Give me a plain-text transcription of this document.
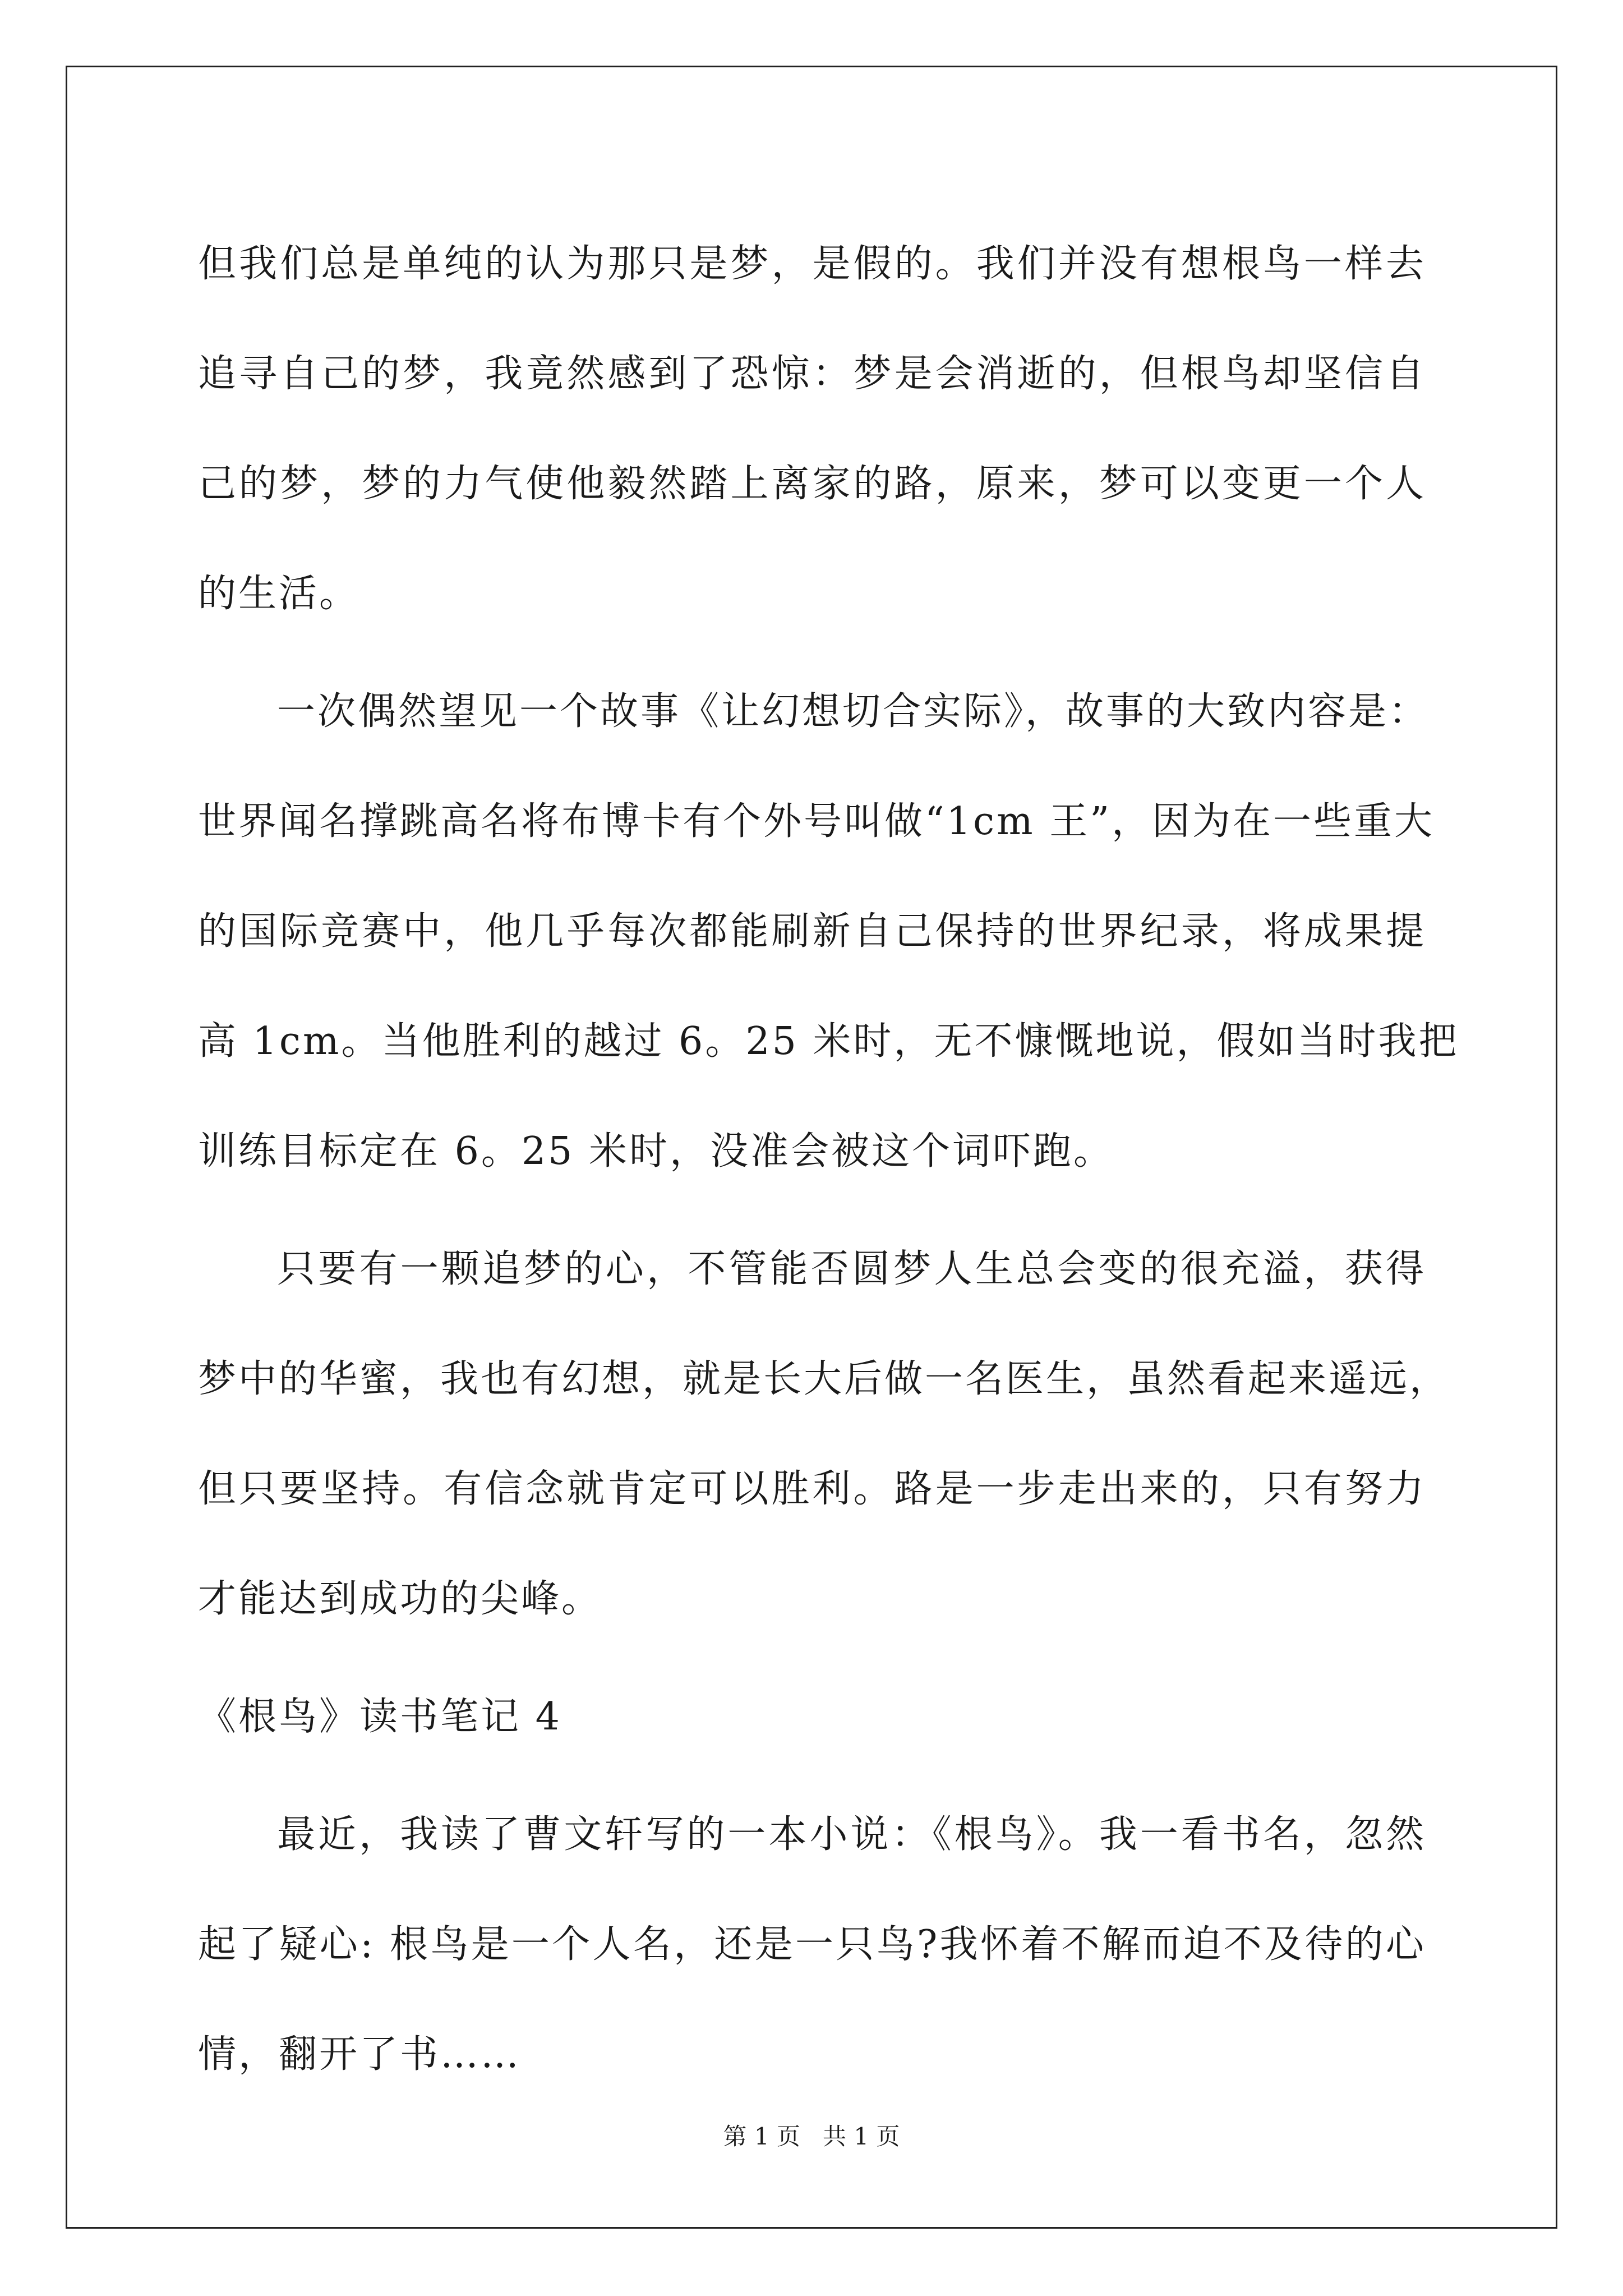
但我们总是单纯的认为那只是梦，是假的。我们并没有想根鸟一样去
追寻自己的梦，我竟然感到了恐惊：梦是会消逝的，但根鸟却坚信自
己的梦，梦的力气使他毅然踏上离家的路，原来，梦可以变更一个人
的生活。
一次偶然望见一个故事《让幻想切合实际》，故事的大致内容是：
世界闻名撑跳高名将布博卡有个外号叫做“1cm 王”，因为在一些重大
的国际竞赛中，他几乎每次都能刷新自己保持的世界纪录，将成果提
高 1cm。当他胜利的越过 6。25 米时，无不慷慨地说，假如当时我把
训练目标定在 6。25 米时，没准会被这个词吓跑。
只要有一颗追梦的心，不管能否圆梦人生总会变的很充溢，获得
梦中的华蜜，我也有幻想，就是长大后做一名医生，虽然看起来遥远，
但只要坚持。有信念就肯定可以胜利。路是一步走出来的，只有努力
才能达到成功的尖峰。
《根鸟》读书笔记 4
最近，我读了曹文轩写的一本小说：《根鸟》。我一看书名，忽然
起了疑心: 根鸟是一个人名，还是一只鸟?我怀着不解而迫不及待的心
情，翻开了书……
第 1 页   共 1 页
